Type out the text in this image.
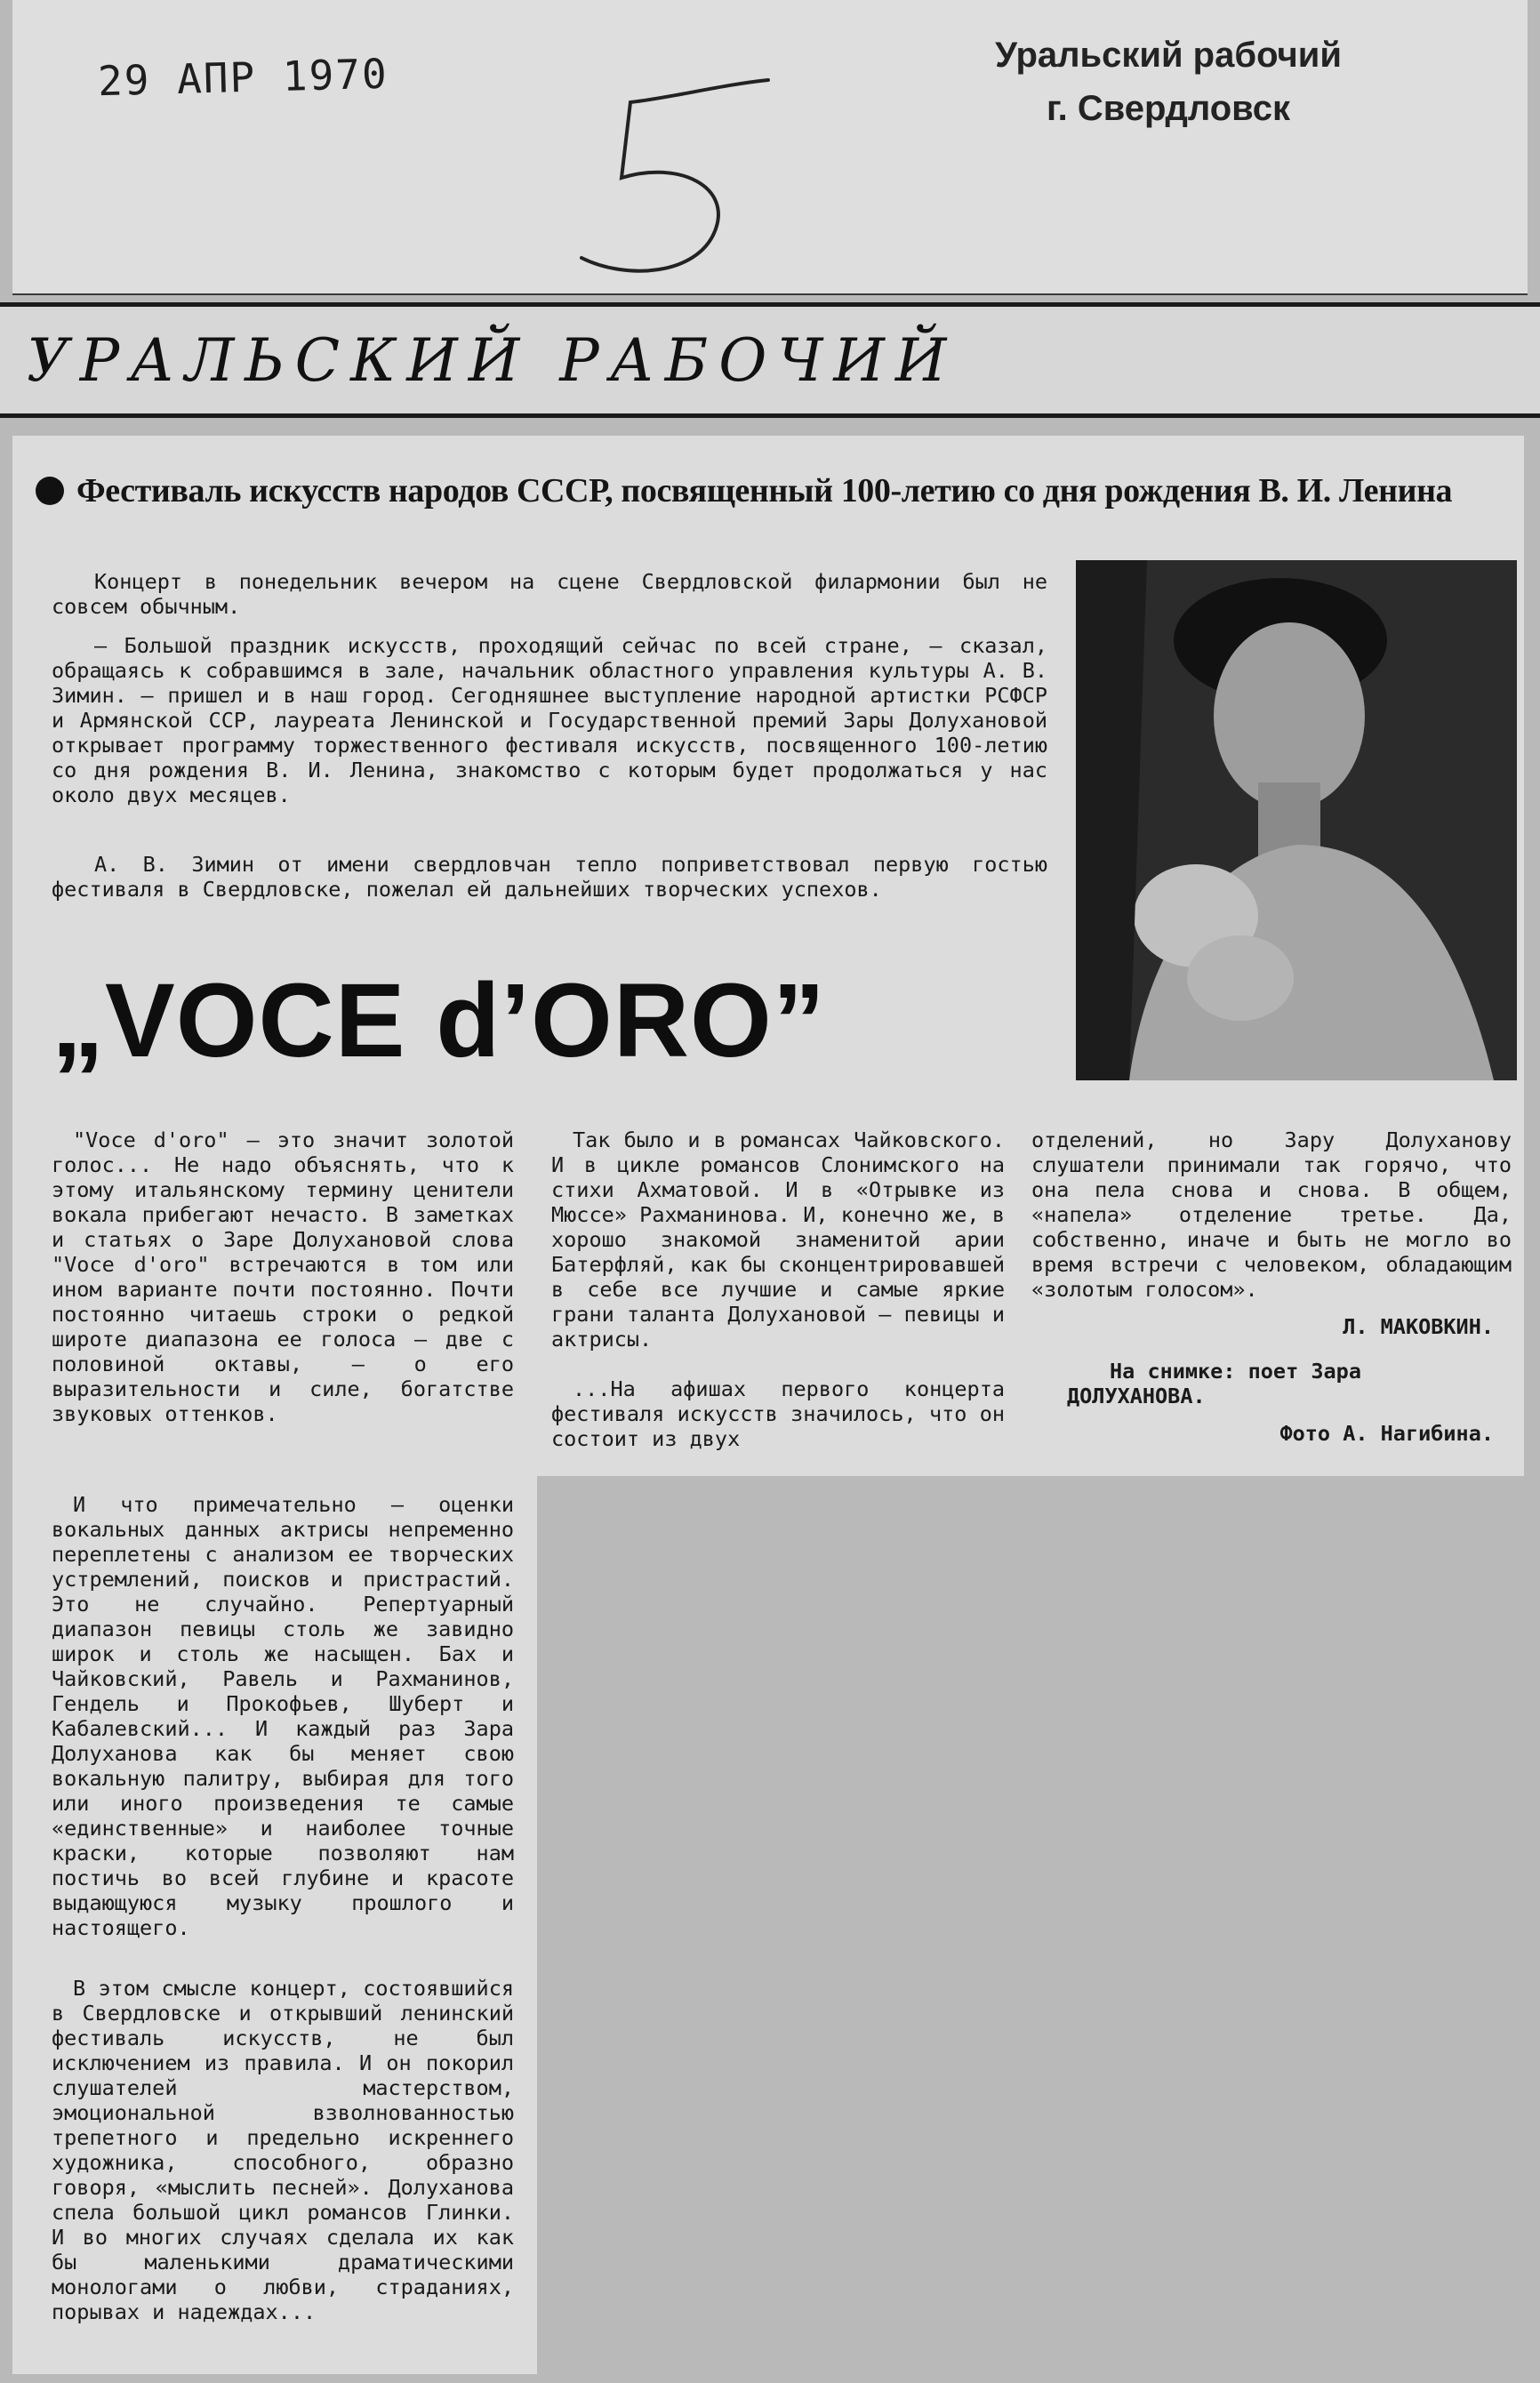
29 АПР 1970	Уральский рабочий
г. Свердловск
УРАЛЬСКИЙ РАБОЧИЙ
Фестиваль искусств народов СССР, посвященный 100-летию со дня рождения В. И. Ленина

Концерт в понедельник вечером на сцене Свердловской филармонии был не совсем обычным.

— Большой праздник искусств, проходящий сейчас по всей стране, — сказал, обращаясь к собравшимся в зале, начальник областного управления культуры А. В. Зимин. — пришел и в наш город. Сегодняшнее выступление народной артистки РСФСР и Армянской ССР, лауреата Ленинской и Государственной премий Зары Долухановой открывает программу торжественного фестиваля искусств, посвященного 100-летию со дня рождения В. И. Ленина, знакомство с которым будет продолжаться у нас около двух месяцев.

А. В. Зимин от имени свердловчан тепло поприветствовал первую гостью фестиваля в Свердловске, пожелал ей дальнейших творческих успехов.

„VOCE d’ORO”

"Voce d'oro" — это значит золотой голос... Не надо объяснять, что к этому итальянскому термину ценители вокала прибегают нечасто. В заметках и статьях о Заре Долухановой слова "Voce d'oro" встречаются в том или ином варианте почти постоянно. Почти постоянно читаешь строки о редкой широте диапазона ее голоса — две с половиной октавы, — о его выразительности и силе, богатстве звуковых оттенков.

И что примечательно — оценки вокальных данных актрисы непременно переплетены с анализом ее творческих устремлений, поисков и пристрастий. Это не случайно. Репертуарный диапазон певицы столь же завидно широк и столь же насыщен. Бах и Чайковский, Равель и Рахманинов, Гендель и Прокофьев, Шуберт и Кабалевский... И каждый раз Зара Долуханова как бы меняет свою вокальную палитру, выбирая для того или иного произведения те самые «единственные» и наиболее точные краски, которые позволяют нам постичь во всей глубине и красоте выдающуюся музыку прошлого и настоящего.

В этом смысле концерт, состоявшийся в Свердловске и открывший ленинский фестиваль искусств, не был исключением из правила. И он покорил слушателей мастерством, эмоциональной взволнованностью трепетного и предельно искреннего художника, способного, образно говоря, «мыслить песней». Долуханова спела большой цикл романсов Глинки. И во многих случаях сделала их как бы маленькими драматическими монологами о любви, страданиях, порывах и надеждах...

Так было и в романсах Чайковского. И в цикле романсов Слонимского на стихи Ахматовой. И в «Отрывке из Мюссе» Рахманинова. И, конечно же, в хорошо знакомой знаменитой арии Батерфляй, как бы сконцентрировавшей в себе все лучшие и самые яркие грани таланта Долухановой — певицы и актрисы.

...На афишах первого концерта фестиваля искусств значилось, что он состоит из двух

отделений, но Зару Долуханову слушатели принимали так горячо, что она пела снова и снова. В общем, «напела» отделение третье. Да, собственно, иначе и быть не могло во время встречи с человеком, обладающим «золотым голосом».

Л. МАКОВКИН.

На снимке: поет Зара ДОЛУХАНОВА.

Фото А. Нагибина.
